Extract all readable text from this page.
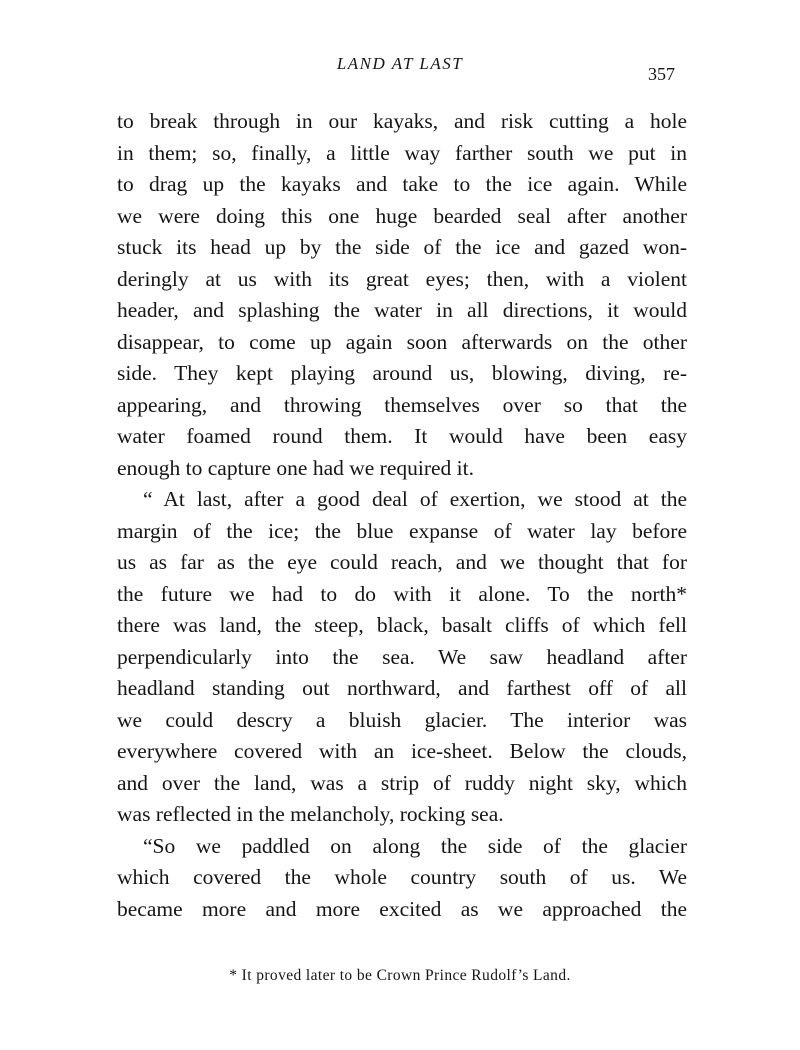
LAND AT LAST
357
to break through in our kayaks, and risk cutting a hole
in them; so, finally, a little way farther south we put in
to drag up the kayaks and take to the ice again. While
we were doing this one huge bearded seal after another
stuck its head up by the side of the ice and gazed won-
deringly at us with its great eyes; then, with a violent
header, and splashing the water in all directions, it would
disappear, to come up again soon afterwards on the other
side. They kept playing around us, blowing, diving, re-
appearing, and throwing themselves over so that the
water foamed round them. It would have been easy
enough to capture one had we required it.
“ At last, after a good deal of exertion, we stood at the
margin of the ice; the blue expanse of water lay before
us as far as the eye could reach, and we thought that for
the future we had to do with it alone. To the north*
there was land, the steep, black, basalt cliffs of which fell
perpendicularly into the sea. We saw headland after
headland standing out northward, and farthest off of all
we could descry a bluish glacier. The interior was
everywhere covered with an ice-sheet. Below the clouds,
and over the land, was a strip of ruddy night sky, which
was reflected in the melancholy, rocking sea.
“So we paddled on along the side of the glacier
which covered the whole country south of us. We
became more and more excited as we approached the
* It proved later to be Crown Prince Rudolf’s Land.
